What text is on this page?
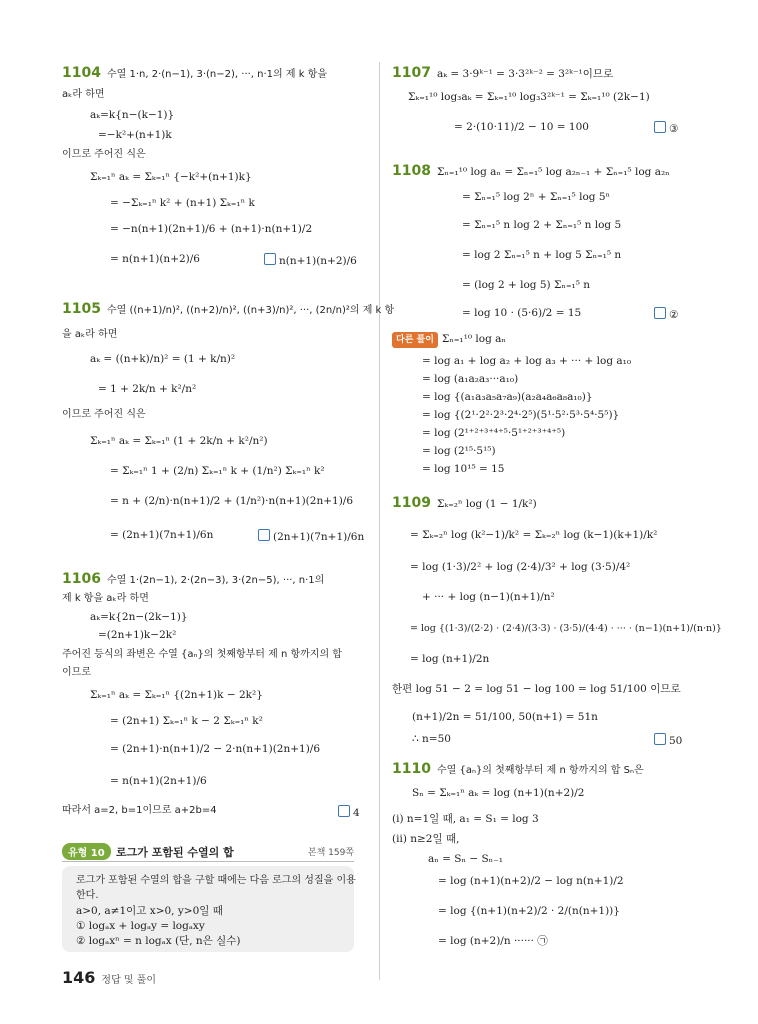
1104 수열 1·n, 2·(n−1), 3·(n−2), ···, n·1의 제 k 항을
aₖ라 하면
aₖ=k{n−(k−1)}
=−k²+(n+1)k
이므로 주어진 식은
Σₖ₌₁ⁿ aₖ = Σₖ₌₁ⁿ {−k²+(n+1)k}
= −Σₖ₌₁ⁿ k² + (n+1) Σₖ₌₁ⁿ k
= −n(n+1)(2n+1)/6 + (n+1)·n(n+1)/2
= n(n+1)(n+2)/6	n(n+1)(n+2)/6
1105 수열 ((n+1)/n)², ((n+2)/n)², ((n+3)/n)², ···, (2n/n)²의 제 k 항
을 aₖ라 하면
aₖ = ((n+k)/n)² = (1 + k/n)²
= 1 + 2k/n + k²/n²
이므로 주어진 식은
Σₖ₌₁ⁿ aₖ = Σₖ₌₁ⁿ (1 + 2k/n + k²/n²)
= Σₖ₌₁ⁿ 1 + (2/n) Σₖ₌₁ⁿ k + (1/n²) Σₖ₌₁ⁿ k²
= n + (2/n)·n(n+1)/2 + (1/n²)·n(n+1)(2n+1)/6
= (2n+1)(7n+1)/6n	(2n+1)(7n+1)/6n
1106 수열 1·(2n−1), 2·(2n−3), 3·(2n−5), ···, n·1의
제 k 항을 aₖ라 하면
aₖ=k{2n−(2k−1)}
=(2n+1)k−2k²
주어진 등식의 좌변은 수열 {aₙ}의 첫째항부터 제 n 항까지의 합
이므로
Σₖ₌₁ⁿ aₖ = Σₖ₌₁ⁿ {(2n+1)k − 2k²}
= (2n+1) Σₖ₌₁ⁿ k − 2 Σₖ₌₁ⁿ k²
= (2n+1)·n(n+1)/2 − 2·n(n+1)(2n+1)/6
= n(n+1)(2n+1)/6
따라서 a=2, b=1이므로 a+2b=4	4
유형 10	로그가 포함된 수열의 합	본책 159쪽
로그가 포함된 수열의 합을 구할 때에는 다음 로그의 성질을 이용
한다.
a>0, a≠1이고 x>0, y>0일 때
① logₐx + logₐy = logₐxy
② logₐxⁿ = n logₐx (단, n은 실수)
1107 aₖ = 3·9ᵏ⁻¹ = 3·3²ᵏ⁻² = 3²ᵏ⁻¹이므로
Σₖ₌₁¹⁰ log₃aₖ = Σₖ₌₁¹⁰ log₃3²ᵏ⁻¹ = Σₖ₌₁¹⁰ (2k−1)
= 2·(10·11)/2 − 10 = 100	③
1108 Σₙ₌₁¹⁰ log aₙ = Σₙ₌₁⁵ log a₂ₙ₋₁ + Σₙ₌₁⁵ log a₂ₙ
= Σₙ₌₁⁵ log 2ⁿ + Σₙ₌₁⁵ log 5ⁿ
= Σₙ₌₁⁵ n log 2 + Σₙ₌₁⁵ n log 5
= log 2 Σₙ₌₁⁵ n + log 5 Σₙ₌₁⁵ n
= (log 2 + log 5) Σₙ₌₁⁵ n
= log 10 · (5·6)/2 = 15	②
다른 풀이 Σₙ₌₁¹⁰ log aₙ
= log a₁ + log a₂ + log a₃ + ··· + log a₁₀
= log (a₁a₂a₃···a₁₀)
= log {(a₁a₃a₅a₇a₉)(a₂a₄a₆a₈a₁₀)}
= log {(2¹·2²·2³·2⁴·2⁵)(5¹·5²·5³·5⁴·5⁵)}
= log (2¹⁺²⁺³⁺⁴⁺⁵·5¹⁺²⁺³⁺⁴⁺⁵)
= log (2¹⁵·5¹⁵)
= log 10¹⁵ = 15
1109 Σₖ₌₂ⁿ log (1 − 1/k²)
= Σₖ₌₂ⁿ log (k²−1)/k² = Σₖ₌₂ⁿ log (k−1)(k+1)/k²
= log (1·3)/2² + log (2·4)/3² + log (3·5)/4²
+ ··· + log (n−1)(n+1)/n²
= log {(1·3)/(2·2) · (2·4)/(3·3) · (3·5)/(4·4) · ··· · (n−1)(n+1)/(n·n)}
= log (n+1)/2n
한편 log 51 − 2 = log 51 − log 100 = log 51/100 이므로
(n+1)/2n = 51/100, 50(n+1) = 51n
∴ n=50	50
1110 수열 {aₙ}의 첫째항부터 제 n 항까지의 합 Sₙ은
Sₙ = Σₖ₌₁ⁿ aₖ = log (n+1)(n+2)/2
(ⅰ) n=1일 때, a₁ = S₁ = log 3
(ⅱ) n≥2일 때,
aₙ = Sₙ − Sₙ₋₁
= log (n+1)(n+2)/2 − log n(n+1)/2
= log {(n+1)(n+2)/2 · 2/(n(n+1))}
= log (n+2)/n ······ ㉠
146 정답 및 풀이
